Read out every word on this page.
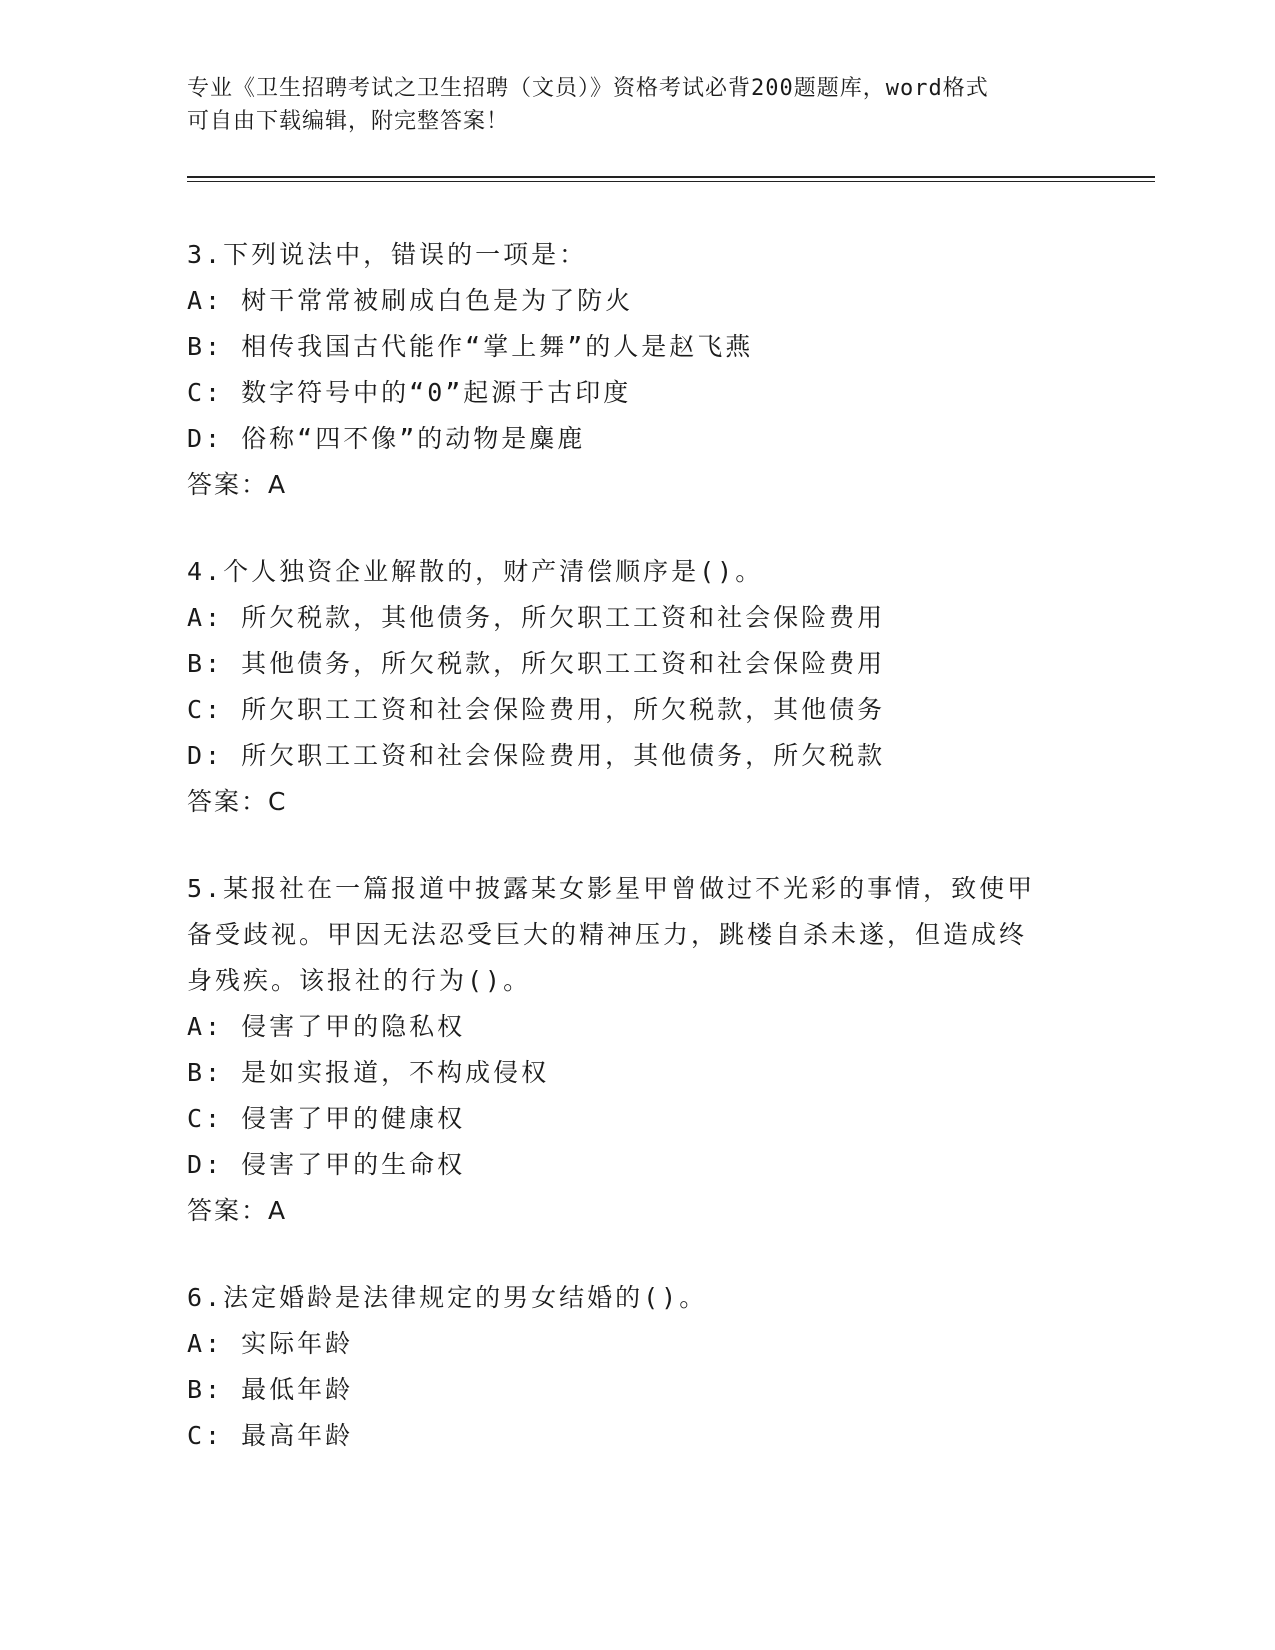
专业《卫生招聘考试之卫生招聘（文员）》资格考试必背200题题库，word格式
可自由下载编辑，附完整答案！
3.下列说法中，错误的一项是：
A: 树干常常被刷成白色是为了防火
B: 相传我国古代能作“掌上舞”的人是赵飞燕
C: 数字符号中的“0”起源于古印度
D: 俗称“四不像”的动物是麋鹿
答案：A
4.个人独资企业解散的，财产清偿顺序是()。
A: 所欠税款，其他债务，所欠职工工资和社会保险费用
B: 其他债务，所欠税款，所欠职工工资和社会保险费用
C: 所欠职工工资和社会保险费用，所欠税款，其他债务
D: 所欠职工工资和社会保险费用，其他债务，所欠税款
答案：C
5.某报社在一篇报道中披露某女影星甲曾做过不光彩的事情，致使甲
备受歧视。甲因无法忍受巨大的精神压力，跳楼自杀未遂，但造成终
身残疾。该报社的行为()。
A: 侵害了甲的隐私权
B: 是如实报道，不构成侵权
C: 侵害了甲的健康权
D: 侵害了甲的生命权
答案：A
6.法定婚龄是法律规定的男女结婚的()。
A: 实际年龄
B: 最低年龄
C: 最高年龄
